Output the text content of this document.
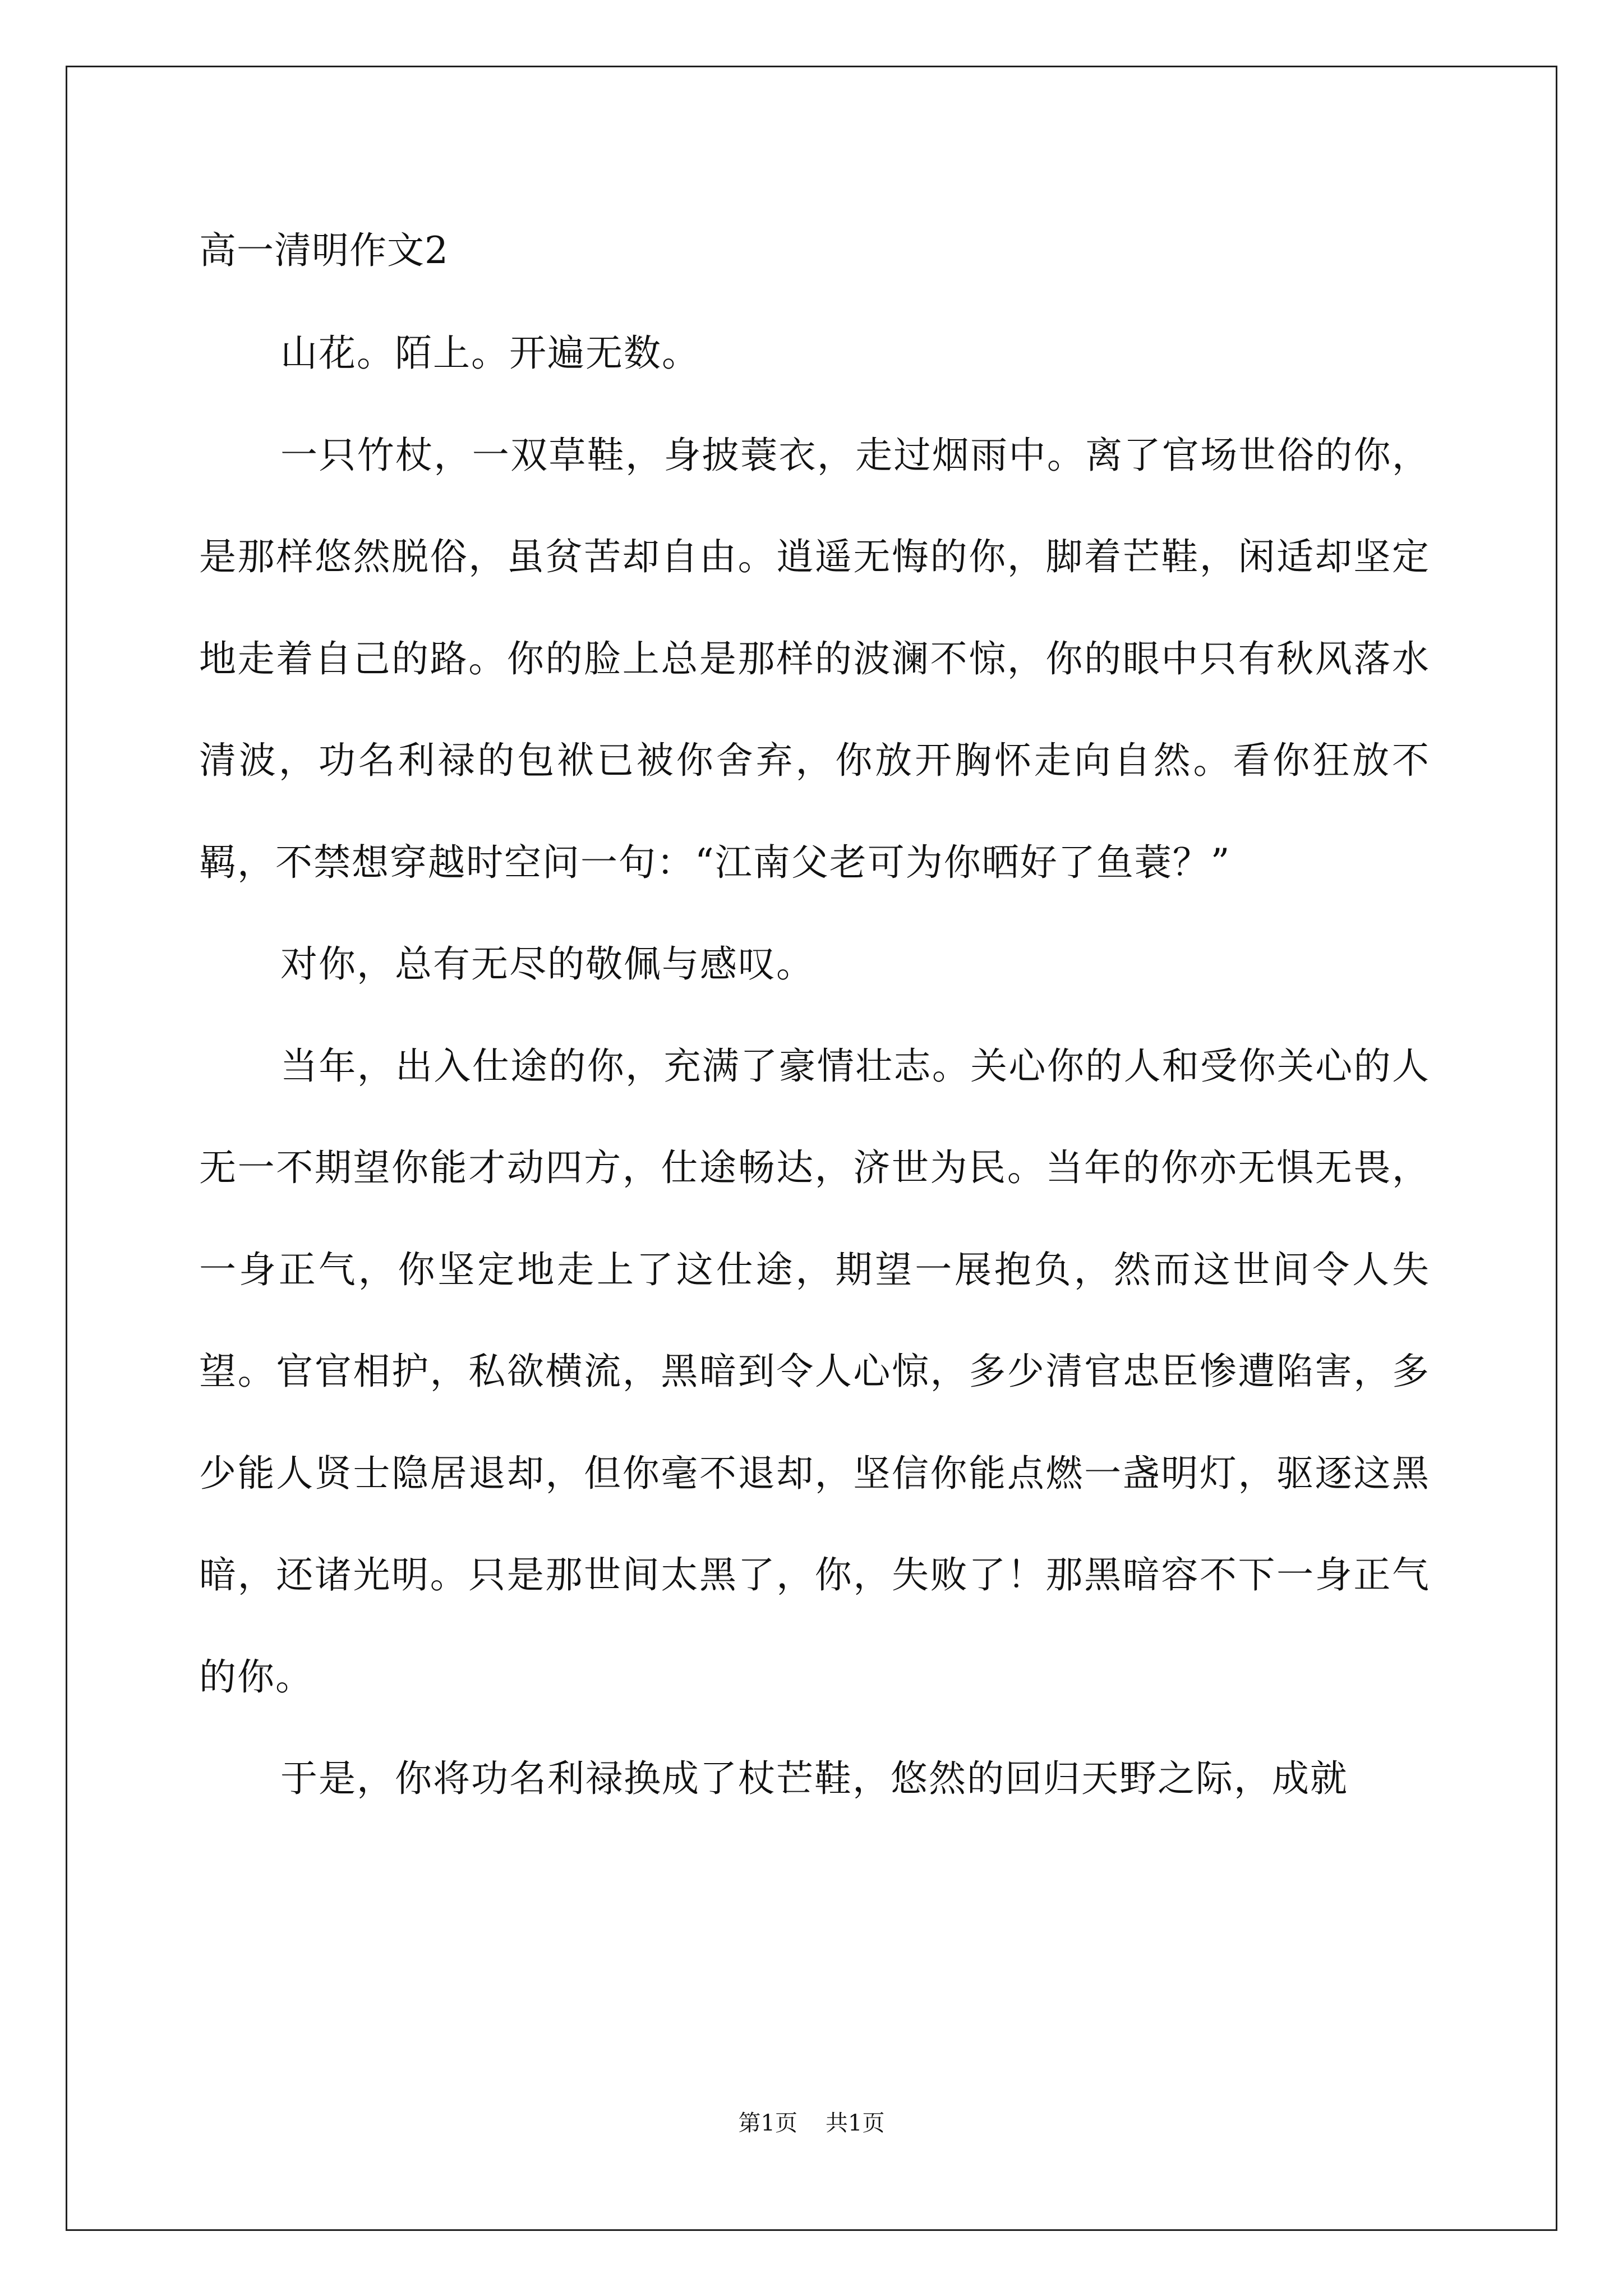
高一清明作文2

山花。陌上。开遍无数。

一只竹杖，一双草鞋，身披蓑衣，走过烟雨中。离了官场世俗的你，是那样悠然脱俗，虽贫苦却自由。逍遥无悔的你，脚着芒鞋，闲适却坚定地走着自己的路。你的脸上总是那样的波澜不惊，你的眼中只有秋风落水清波，功名利禄的包袱已被你舍弃，你放开胸怀走向自然。看你狂放不羁，不禁想穿越时空问一句：“江南父老可为你晒好了鱼蓑？”

对你，总有无尽的敬佩与感叹。

当年，出入仕途的你，充满了豪情壮志。关心你的人和受你关心的人无一不期望你能才动四方，仕途畅达，济世为民。当年的你亦无惧无畏，一身正气，你坚定地走上了这仕途，期望一展抱负，然而这世间令人失望。官官相护，私欲横流，黑暗到令人心惊，多少清官忠臣惨遭陷害，多少能人贤士隐居退却，但你毫不退却，坚信你能点燃一盏明灯，驱逐这黑暗，还诸光明。只是那世间太黑了，你，失败了！那黑暗容不下一身正气的你。

于是，你将功名利禄换成了杖芒鞋，悠然的回归天野之际，成就

第1页 共1页
